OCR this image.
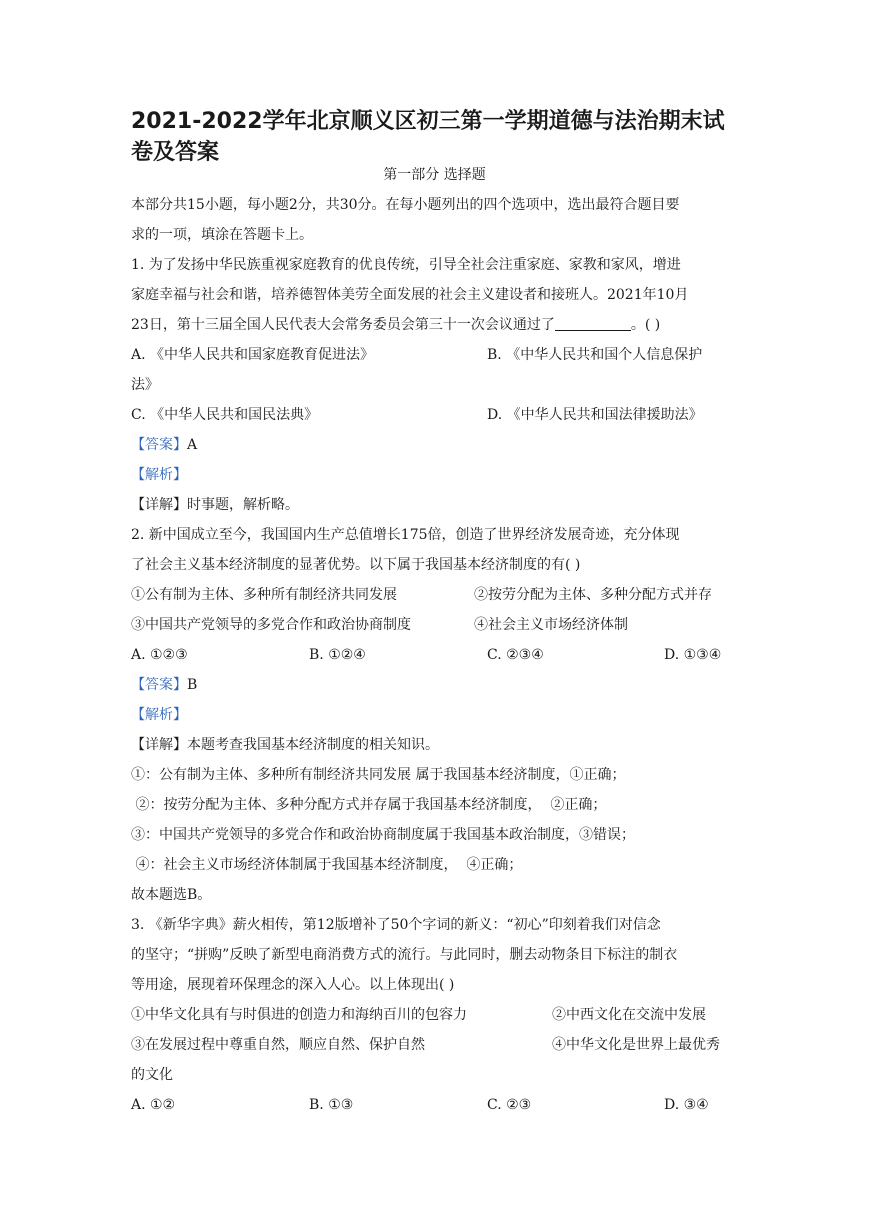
2021-2022学年北京顺义区初三第一学期道德与法治期末试卷及答案
第一部分 选择题
本部分共15小题，每小题2分，共30分。在每小题列出的四个选项中，选出最符合题目要
求的一项，填涂在答题卡上。
1. 为了发扬中华民族重视家庭教育的优良传统，引导全社会注重家庭、家教和家风，增进
家庭幸福与社会和谐，培养德智体美劳全面发展的社会主义建设者和接班人。2021年10月
23日，第十三届全国人民代表大会常务委员会第三十一次会议通过了	。( )
A. 《中华人民共和国家庭教育促进法》	B. 《中华人民共和国个人信息保护
法》
C. 《中华人民共和国民法典》	D. 《中华人民共和国法律援助法》
【答案】A
【解析】
【详解】时事题，解析略。
2. 新中国成立至今，我国国内生产总值增长175倍，创造了世界经济发展奇迹，充分体现
了社会主义基本经济制度的显著优势。以下属于我国基本经济制度的有( )
①公有制为主体、多种所有制经济共同发展	②按劳分配为主体、多种分配方式并存
③中国共产党领导的多党合作和政治协商制度	④社会主义市场经济体制
A. ①②③	B. ①②④	C. ②③④	D. ①③④
【答案】B
【解析】
【详解】本题考查我国基本经济制度的相关知识。
①：公有制为主体、多种所有制经济共同发展 属于我国基本经济制度，①正确；
②：按劳分配为主体、多种分配方式并存属于我国基本经济制度，  ②正确；
③：中国共产党领导的多党合作和政治协商制度属于我国基本政治制度，③错误；
④：社会主义市场经济体制属于我国基本经济制度，  ④正确；
故本题选B。
3. 《新华字典》薪火相传，第12版增补了50个字词的新义：“初心”印刻着我们对信念
的坚守；“拼购”反映了新型电商消费方式的流行。与此同时，删去动物条目下标注的制衣
等用途，展现着环保理念的深入人心。以上体现出( )
①中华文化具有与时俱进的创造力和海纳百川的包容力	②中西文化在交流中发展
③在发展过程中尊重自然，顺应自然、保护自然	④中华文化是世界上最优秀
的文化
A. ①②	B. ①③	C. ②③	D. ③④
